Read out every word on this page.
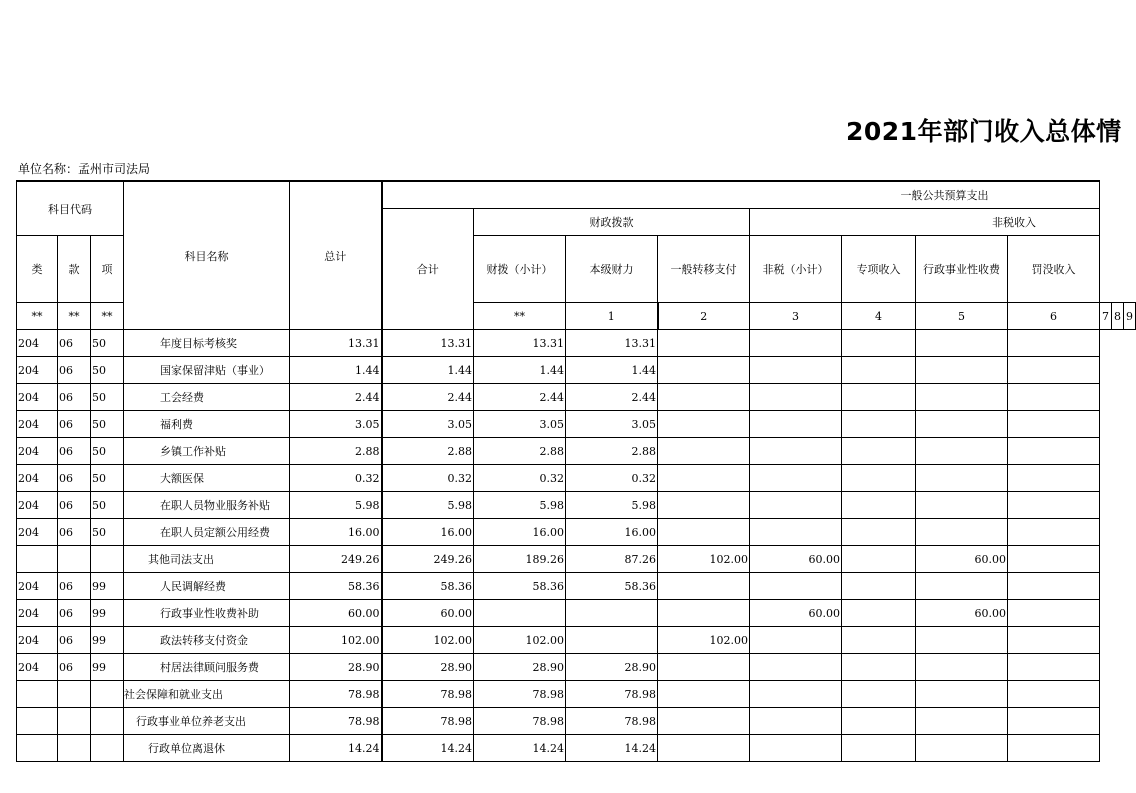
2021年部门收入总体情
单位名称：孟州市司法局
科目代码			科目名称	总计	一般公共预算支出										
					合计	财政拨款			非税收入						
类	款	项				财拨（小计）	本级财力	一般转移支付	非税（小计）	专项收入	行政事业性收费	罚没收入			
**	**	**				**	1	2	3	4	5	6	7	8	9
204	06	50	年度目标考核奖	13.31	13.31	13.31	13.31								
204	06	50	国家保留津贴（事业）	1.44	1.44	1.44	1.44								
204	06	50	工会经费	2.44	2.44	2.44	2.44								
204	06	50	福利费	3.05	3.05	3.05	3.05								
204	06	50	乡镇工作补贴	2.88	2.88	2.88	2.88								
204	06	50	大额医保	0.32	0.32	0.32	0.32								
204	06	50	在职人员物业服务补贴	5.98	5.98	5.98	5.98								
204	06	50	在职人员定额公用经费	16.00	16.00	16.00	16.00								
			其他司法支出	249.26	249.26	189.26	87.26	102.00	60.00		60.00				
204	06	99	人民调解经费	58.36	58.36	58.36	58.36								
204	06	99	行政事业性收费补助	60.00	60.00				60.00		60.00				
204	06	99	政法转移支付资金	102.00	102.00	102.00		102.00							
204	06	99	村居法律顾问服务费	28.90	28.90	28.90	28.90								
			社会保障和就业支出	78.98	78.98	78.98	78.98								
			行政事业单位养老支出	78.98	78.98	78.98	78.98								
			行政单位离退休	14.24	14.24	14.24	14.24								
